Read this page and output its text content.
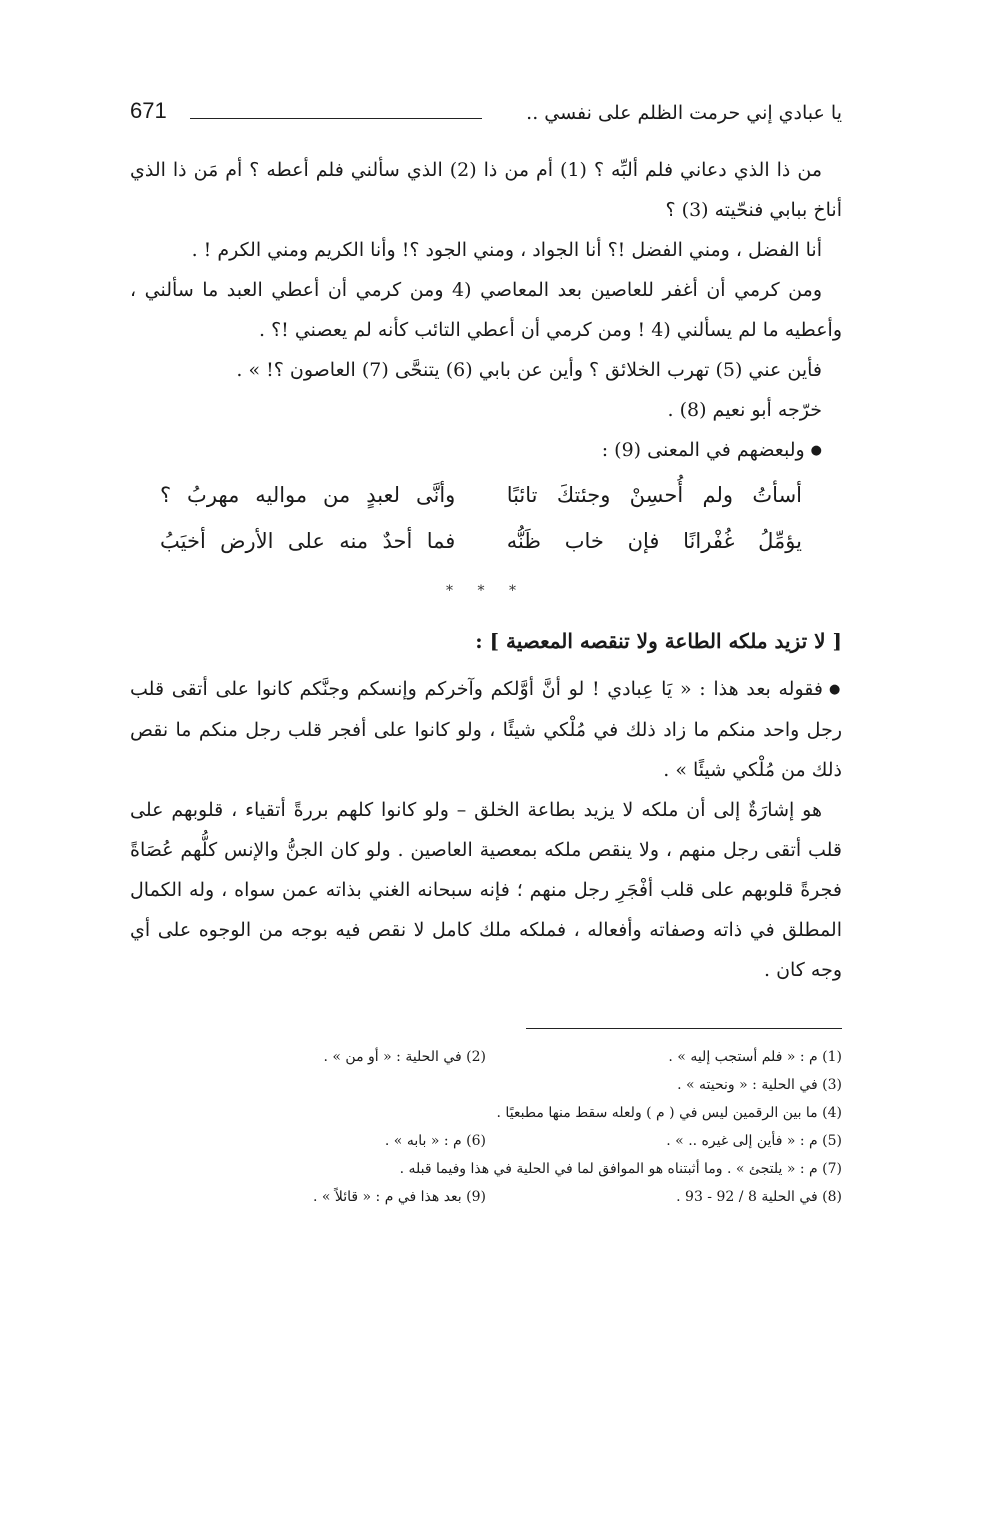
يا عبادي إني حرمت الظلم على نفسي ..
671

من ذا الذي دعاني فلم ألبِّه ؟ (1) أم من ذا (2) الذي سألني فلم أعطه ؟ أم مَن ذا الذي أناخ ببابي فنحّيته (3) ؟

أنا الفضل ، ومني الفضل !؟ أنا الجواد ، ومني الجود ؟! وأنا الكريم ومني الكرم ! .

ومن كرمي أن أغفر للعاصين بعد المعاصي (4 ومن كرمي أن أعطي العبد ما سألني ، وأعطيه ما لم يسألني (4 ! ومن كرمي أن أعطي التائب كأنه لم يعصني !؟ .

فأين عني (5) تهرب الخلائق ؟ وأين عن بابي (6) يتنحَّى (7) العاصون ؟! » .

خرّجه أبو نعيم (8) .

●ولبعضهم في المعنى (9) :

أسأتُ ولم أُحسِنْ وجئتكَ تائبًا
وأنَّى لعبدٍ من مواليه مهربُ ؟
يؤمِّلُ غُفْرانًا فإن خاب ظَنُّه
فما أحدٌ منه على الأرض أخيَبُ
* * *

[ لا تزيد ملكه الطاعة ولا تنقصه المعصية ] :

●فقوله بعد هذا : « يَا عِبادي ! لو أنَّ أوَّلكم وآخركم وإنسكم وجنَّكم كانوا على أتقى قلب رجل واحد منكم ما زاد ذلك في مُلْكي شيئًا ، ولو كانوا على أفجر قلب رجل منكم ما نقص ذلك من مُلْكي شيئًا » .

هو إشارَةٌ إلى أن ملكه لا يزيد بطاعة الخلق – ولو كانوا كلهم بررةً أتقياء ، قلوبهم على قلب أتقى رجل منهم ، ولا ينقص ملكه بمعصية العاصين . ولو كان الجنُّ والإنس كلُّهم عُصَاةً فجرةً قلوبهم على قلب أفْجَرِ رجل منهم ؛ فإنه سبحانه الغني بذاته عمن سواه ، وله الكمال المطلق في ذاته وصفاته وأفعاله ، فملكه ملك كامل لا نقص فيه بوجه من الوجوه على أي وجه كان .

(1) م : « فلم أستجب إليه » .
(2) في الحلية : « أو من » .
(3) في الحلية : « ونحيته » .
(4) ما بين الرقمين ليس في ( م ) ولعله سقط منها مطبعيًا .
(5) م : « فأين إلى غيره .. » .
(6) م : « بابه » .
(7) م : « يلتجئ » . وما أثبتناه هو الموافق لما في الحلية في هذا وفيما قبله .
(8) في الحلية 8 / 92 - 93 .
(9) بعد هذا في م : « قائلاً » .
